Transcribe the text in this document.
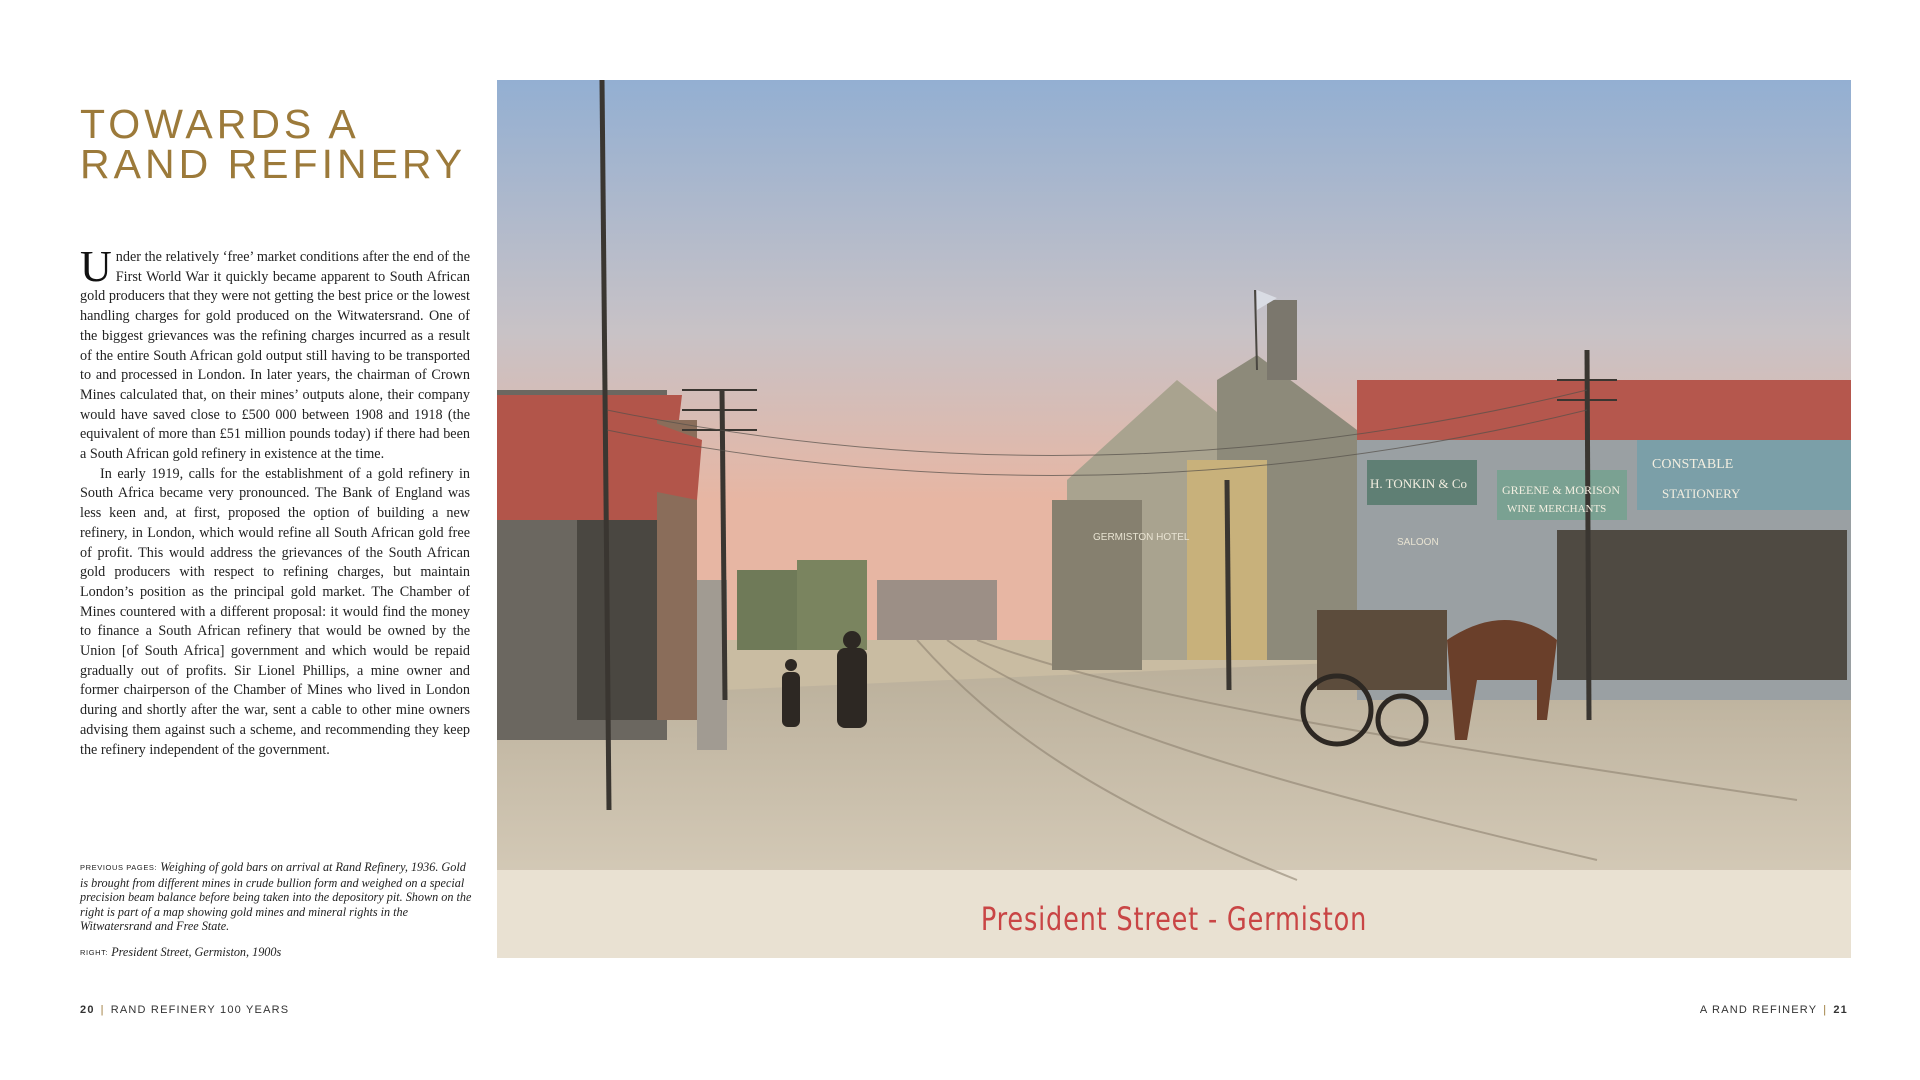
TOWARDS A
RAND REFINERY

Under the relatively ‘free’ market conditions after the end of the First World War it quickly became apparent to South African gold producers that they were not getting the best price or the lowest handling charges for gold produced on the Witwatersrand. One of the biggest grievances was the refining charges incurred as a result of the entire South African gold output still having to be transported to and processed in London. In later years, the chairman of Crown Mines calculated that, on their mines’ outputs alone, their company would have saved close to £500 000 between 1908 and 1918 (the equivalent of more than £51 million pounds today) if there had been a South African gold refinery in existence at the time.

In early 1919, calls for the establishment of a gold refinery in South Africa became very pronounced. The Bank of England was less keen and, at first, proposed the option of building a new refinery, in London, which would refine all South African gold free of profit. This would address the grievances of the South African gold producers with respect to refining charges, but maintain London’s position as the principal gold market. The Chamber of Mines countered with a different proposal: it would find the money to finance a South African refinery that would be owned by the Union [of South Africa] government and which would be repaid gradually out of profits. Sir Lionel Phillips, a mine owner and former chairperson of the Chamber of Mines who lived in London during and shortly after the war, sent a cable to other mine owners advising them against such a scheme, and recommending they keep the refinery independent of the government.

PREVIOUS PAGES: Weighing of gold bars on arrival at Rand Refinery, 1936. Gold is brought from different mines in crude bullion form and weighed on a special precision beam balance before being taken into the depository pit. Shown on the right is part of a map showing gold mines and mineral rights in the Witwatersrand and Free State.

RIGHT: President Street, Germiston, 1900s

GERMISTON HOTEL
H. TONKIN & Co
SALOON
GREENE & MORISON
WINE MERCHANTS
CONSTABLE
STATIONERY
President Street - Germiston
20 | RAND REFINERY 100 YEARS	A RAND REFINERY | 21
